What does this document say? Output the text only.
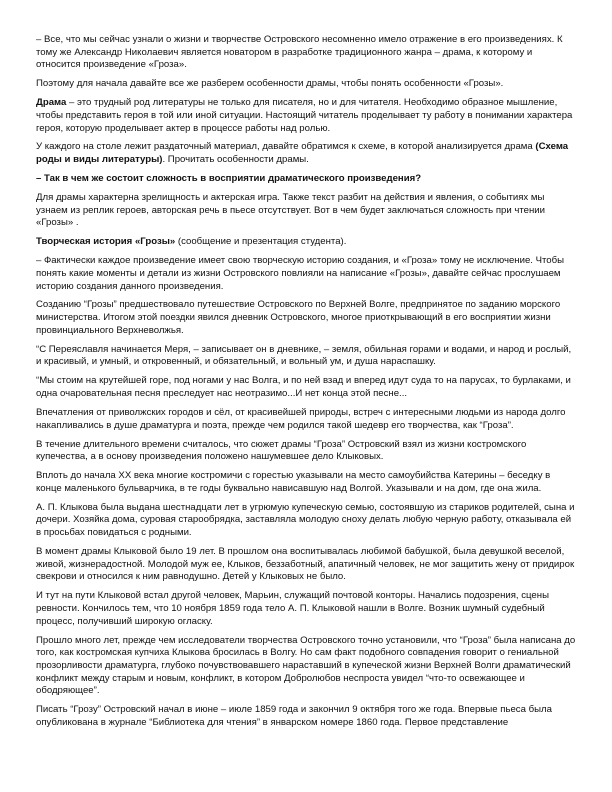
– Все, что мы сейчас узнали о жизни и творчестве Островского несомненно имело отражение в его произведениях. К тому же Александр Николаевич является новатором в разработке традиционного жанра – драма, к которому и относится произведение «Гроза».

Поэтому для начала давайте все же разберем особенности драмы, чтобы понять особенности «Грозы».

Драма – это трудный род литературы не только для писателя, но и для читателя. Необходимо образное мышление, чтобы представить героя в той или иной ситуации. Настоящий читатель проделывает ту работу в понимании характера героя, которую проделывает актер в процессе работы над ролью.

У каждого на столе лежит раздаточный материал, давайте обратимся к схеме, в которой анализируется драма (Схема роды и виды литературы). Прочитать особенности драмы.

– Так в чем же состоит сложность в восприятии драматического произведения?

Для драмы характерна зрелищность и актерская игра. Также текст разбит на действия и явления, о событиях мы узнаем из реплик героев, авторская речь в пьесе отсутствует. Вот в чем будет заключаться сложность при чтении «Грозы» .

Творческая история «Грозы» (сообщение и презентация студента).

– Фактически каждое произведение имеет свою творческую историю создания, и «Гроза» тому не исключение. Чтобы понять какие моменты и детали из жизни Островского повлияли на написание «Грозы», давайте сейчас прослушаем историю создания данного произведения.

Созданию “Грозы” предшествовало путешествие Островского по Верхней Волге, предпринятое по заданию морского министерства. Итогом этой поездки явился дневник Островского, многое приоткрывающий в его восприятии жизни провинциального Верхневолжья.

“С Переяславля начинается Меря, – записывает он в дневнике, – земля, обильная горами и водами, и народ и рослый, и красивый, и умный, и откровенный, и обязательный, и вольный ум, и душа нараспашку.

“Мы стоим на крутейшей горе, под ногами у нас Волга, и по ней взад и вперед идут суда то на парусах, то бурлаками, и одна очаровательная песня преследует нас неотразимо...И нет конца этой песне...

Впечатления от приволжских городов и сёл, от красивейшей природы, встреч с интересными людьми из народа долго накапливались в душе драматурга и поэта, прежде чем родился такой шедевр его творчества, как “Гроза”.

В течение длительного времени считалось, что сюжет драмы “Гроза” Островский взял из жизни костромского купечества, а в основу произведения положено нашумевшее дело Клыковых.

Вплоть до начала XX века многие костромичи с горестью указывали на место самоубийства Катерины – беседку в конце маленького бульварчика, в те годы буквально нависавшую над Волгой. Указывали и на дом, где она жила.

А. П. Клыкова была выдана шестнадцати лет в угрюмую купеческую семью, состоявшую из стариков родителей, сына и дочери. Хозяйка дома, суровая старообрядка, заставляла молодую сноху делать любую черную работу, отказывала ей в просьбах повидаться с родными.

В момент драмы Клыковой было 19 лет. В прошлом она воспитывалась любимой бабушкой, была девушкой веселой, живой, жизнерадостной. Молодой муж ее, Клыков, беззаботный, апатичный человек, не мог защитить жену от придирок свекрови и относился к ним равнодушно. Детей у Клыковых не было.

И тут на пути Клыковой встал другой человек, Марьин, служащий почтовой конторы. Начались подозрения, сцены ревности. Кончилось тем, что 10 ноября 1859 года тело А. П. Клыковой нашли в Волге. Возник шумный судебный процесс, получивший широкую огласку.

Прошло много лет, прежде чем исследователи творчества Островского точно установили, что “Гроза” была написана до того, как костромская купчиха Клыкова бросилась в Волгу. Но сам факт подобного совпадения говорит о гениальной прозорливости драматурга, глубоко почувствовавшего нараставший в купеческой жизни Верхней Волги драматический конфликт между старым и новым, конфликт, в котором Добролюбов неспроста увидел “что-то освежающее и ободряющее”.

Писать “Грозу” Островский начал в июне – июле 1859 года и закончил 9 октября того же года. Впервые пьеса была опубликована в журнале “Библиотека для чтения” в январском номере 1860 года. Первое представление
